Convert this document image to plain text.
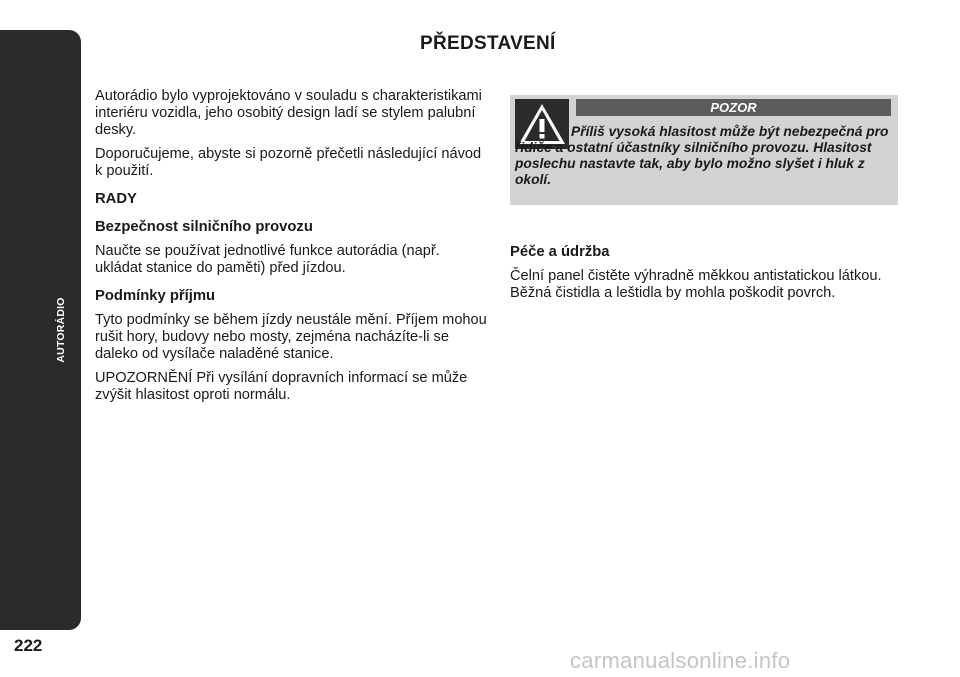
AUTORÁDIO
222
PŘEDSTAVENÍ

Autorádio bylo vyprojektováno v souladu s charakteristikami interiéru vozidla, jeho osobitý design ladí se stylem palubní desky.

Doporučujeme, abyste si pozorně přečetli následující návod k použití.

RADY
Bezpečnost silničního provozu

Naučte se používat jednotlivé funkce autorádia (např. ukládat stanice do paměti) před jízdou.

Podmínky příjmu

Tyto podmínky se během jízdy neustále mění. Příjem mohou rušit hory, budovy nebo mosty, zejména nacházíte-li se daleko od vysílače naladěné stanice.

UPOZORNĚNÍ Při vysílání dopravních informací se může zvýšit hlasitost oproti normálu.

POZOR
Příliš vysoká hlasitost může být nebezpečná pro řidiče a ostatní účastníky silničního provozu. Hlasitost poslechu nastavte tak, aby bylo možno slyšet i hluk z okolí.
Péče a údržba

Čelní panel čistěte výhradně měkkou antistatickou látkou. Běžná čistidla a leštidla by mohla poškodit povrch.

carmanualsonline.info
